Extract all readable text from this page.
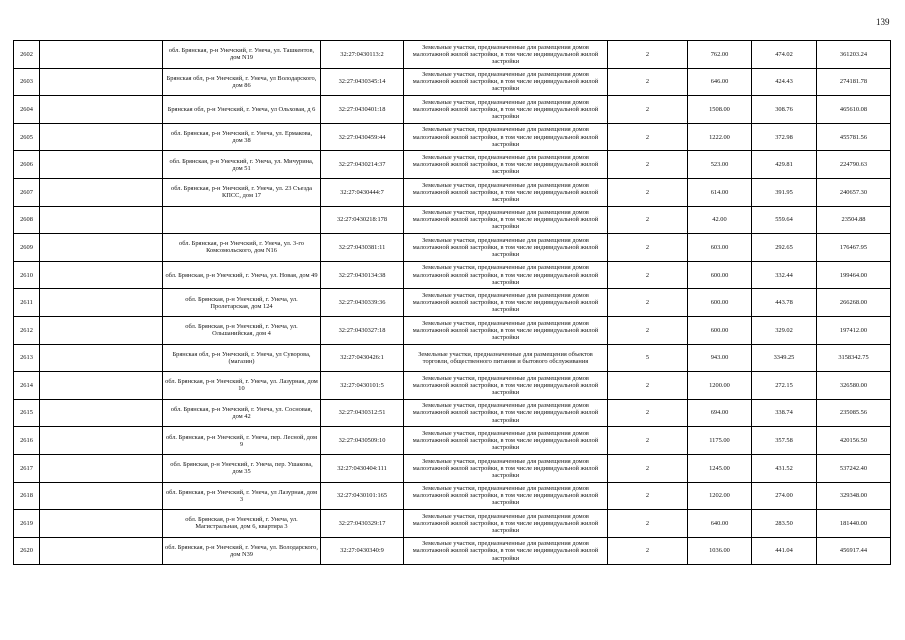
139
2602		обл. Брянская, р-н Унечский, г. Унеча, ул. Ташкентов, дом N19	32:27:0430113:2	Земельные участки, предназначенные для размещения домов малоэтажной жилой застройки, в том числе индивидуальной жилой застройки	2	762.00	474.02	361203.24
2603		Брянская обл, р-н Унечский, г. Унеча, ул Володарского, дом 86	32:27:0430345:14	Земельные участки, предназначенные для размещения домов малоэтажной жилой застройки, в том числе индивидуальной жилой застройки	2	646.00	424.43	274181.78
2604		Брянская обл, р-н Унечский, г. Унеча, ул Ольховая, д 6	32:27:0430401:18	Земельные участки, предназначенные для размещения домов малоэтажной жилой застройки, в том числе индивидуальной жилой застройки	2	1508.00	308.76	465610.08
2605		обл. Брянская, р-н Унечский, г. Унеча, ул. Ермакова, дом 38	32:27:0430459:44	Земельные участки, предназначенные для размещения домов малоэтажной жилой застройки, в том числе индивидуальной жилой застройки	2	1222.00	372.98	455781.56
2606		обл. Брянская, р-н Унечский, г. Унеча, ул. Мичурина, дом 51	32:27:0430214:37	Земельные участки, предназначенные для размещения домов малоэтажной жилой застройки, в том числе индивидуальной жилой застройки	2	523.00	429.81	224790.63
2607		обл. Брянская, р-н Унечский, г. Унеча, ул. 23 Съезда КПСС, дом 17	32:27:0430444:7	Земельные участки, предназначенные для размещения домов малоэтажной жилой застройки, в том числе индивидуальной жилой застройки	2	614.00	391.95	240657.30
2608			32:27:0430218:178	Земельные участки, предназначенные для размещения домов малоэтажной жилой застройки, в том числе индивидуальной жилой застройки	2	42.00	559.64	23504.88
2609		обл. Брянская, р-н Унечский, г. Унеча, ул. 3-го Комсомольского, дом N16	32:27:0430381:11	Земельные участки, предназначенные для размещения домов малоэтажной жилой застройки, в том числе индивидуальной жилой застройки	2	603.00	292.65	176467.95
2610		обл. Брянская, р-н Унечский, г. Унеча, ул. Новая, дом 49	32:27:0430134:38	Земельные участки, предназначенные для размещения домов малоэтажной жилой застройки, в том числе индивидуальной жилой застройки	2	600.00	332.44	199464.00
2611		обл. Брянская, р-н Унечский, г. Унеча, ул. Пролетарская, дом 124	32:27:0430339:36	Земельные участки, предназначенные для размещения домов малоэтажной жилой застройки, в том числе индивидуальной жилой застройки	2	600.00	443.78	266268.00
2612		обл. Брянская, р-н Унечский, г. Унеча, ул. Ольшанийская, дом 4	32:27:0430327:18	Земельные участки, предназначенные для размещения домов малоэтажной жилой застройки, в том числе индивидуальной жилой застройки	2	600.00	329.02	197412.00
2613		Брянская обл, р-н Унечский, г. Унеча, ул Суворова, (магазин)	32:27:0430426:1	Земельные участки, предназначенные для размещения объектов торговли, общественного питания и бытового обслуживания	5	943.00	3349.25	3158342.75
2614		обл. Брянская, р-н Унечский, г. Унеча, ул. Лазурная, дом 10	32:27:0430101:5	Земельные участки, предназначенные для размещения домов малоэтажной жилой застройки, в том числе индивидуальной жилой застройки	2	1200.00	272.15	326580.00
2615		обл. Брянская, р-н Унечский, г. Унеча, ул. Сосновая, дом 42	32:27:0430312:51	Земельные участки, предназначенные для размещения домов малоэтажной жилой застройки, в том числе индивидуальной жилой застройки	2	694.00	338.74	235085.56
2616		обл. Брянская, р-н Унечский, г. Унеча, пер. Лесной, дом 9	32:27:0430509:10	Земельные участки, предназначенные для размещения домов малоэтажной жилой застройки, в том числе индивидуальной жилой застройки	2	1175.00	357.58	420156.50
2617		обл. Брянская, р-н Унечский, г. Унеча, пер. Ушакова, дом 35	32:27:0430404:111	Земельные участки, предназначенные для размещения домов малоэтажной жилой застройки, в том числе индивидуальной жилой застройки	2	1245.00	431.52	537242.40
2618		обл. Брянская, р-н Унечский, г. Унеча, ул Лазурная, дом 3	32:27:0430101:165	Земельные участки, предназначенные для размещения домов малоэтажной жилой застройки, в том числе индивидуальной жилой застройки	2	1202.00	274.00	329348.00
2619		обл. Брянская, р-н Унечский, г. Унеча, ул. Магистральная, дом 6, квартира 3	32:27:0430329:17	Земельные участки, предназначенные для размещения домов малоэтажной жилой застройки, в том числе индивидуальной жилой застройки	2	640.00	283.50	181440.00
2620		обл. Брянская, р-н Унечский, г. Унеча, ул. Володарского, дом N39	32:27:0430340:9	Земельные участки, предназначенные для размещения домов малоэтажной жилой застройки, в том числе индивидуальной жилой застройки	2	1036.00	441.04	456917.44
